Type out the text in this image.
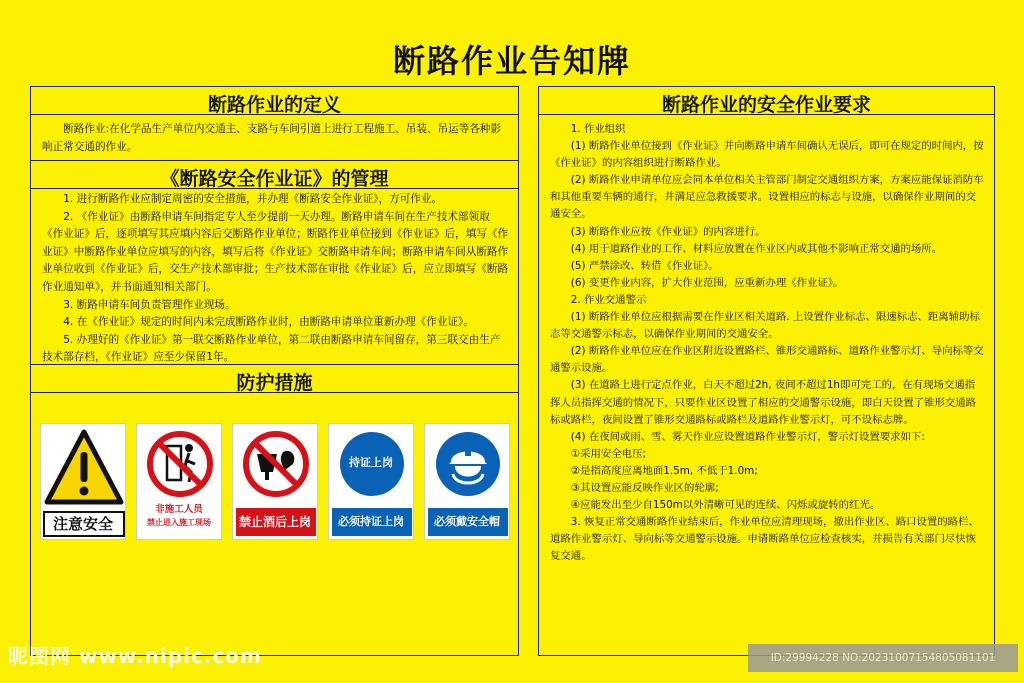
断路作业告知牌
断路作业的定义

断路作业:在化学品生产单位内交通主、支路与车间引道上进行工程施工、吊装、吊运等各种影响正常交通的作业。

《断路安全作业证》的管理

1. 进行断路作业应制定周密的安全措施，并办理《断路安全作业证》，方可作业。

2. 《作业证》由断路申请车间指定专人至少提前一天办理。断路申请车间在生产技术部领取《作业证》后，逐项填写其应填内容后交断路作业单位；断路作业单位接到《作业证》后，填写《作业证》中断路作业单位应填写的内容，填写后将《作业证》交断路申请车间；断路申请车间从断路作业单位收到《作业证》后，交生产技术部审批；生产技术部在审批《作业证》后，应立即填写《断路作业通知单》，并书面通知相关部门。

3. 断路申请车间负责管理作业现场。

4. 在《作业证》规定的时间内未完成断路作业时，由断路申请单位重新办理《作业证》。

5. 办理好的《作业证》第一联交断路作业单位，第二联由断路申请车间留存，第三联交由生产技术部存档，《作业证》应至少保留1年。

防护措施
注意安全
非施工人员
禁止进入施工现场	禁止酒后上岗
持证上岗
必须持证上岗	必须戴安全帽
断路作业的安全作业要求

1. 作业组织

(1) 断路作业单位接到《作业证》并向断路申请车间确认无误后，即可在规定的时间内，按《作业证》的内容组织进行断路作业。

(2) 断路作业申请单位应会同本单位相关主管部门制定交通组织方案，方案应能保证消防车和其他重要车辆的通行，并满足应急救援要求。设置相应的标志与设施，以确保作业期间的交通安全。

(3) 断路作业应按《作业证》的内容进行。

(4) 用于道路作业的工作、材料应放置在作业区内或其他不影响正常交通的场所。

(5) 严禁涂改、转借《作业证》。

(6) 变更作业内容，扩大作业范围，应重新办理《作业证》。

2. 作业交通警示

(1) 断路作业单位应根据需要在作业区相关道路. 上设置作业标志、限速标志、距离辅助标志等交通警示标志，以确保作业期间的交通安全。

(2) 断路作业单位应在作业区附近设置路栏、锥形交通路标、道路作业警示灯、导向标等交通警示设施。

(3) 在道路上进行定点作业，白天不超过2h, 夜间不超过1h即可完工的，在有现场交通指挥人员指挥交通的情况下，只要作业区设置了相应的交通警示设施，即白天设置了锥形交通路标或路栏，夜间设置了锥形交通路标或路栏及道路作业警示灯，可不设标志牌。

(4) 在夜间或雨、雪、雾天作业应设置道路作业警示灯，警示灯设置要求如下:

①采用安全电压;

②是指高度应离地面1.5m, 不低于1.0m;

③其设置应能反映作业区的轮廓;

④应能发出至少自150m以外清晰可见的连续、闪烁或旋转的红光。

3. 恢复正常交通断路作业结束后，作业单位应清理现场，撤出作业区、路口设置的路栏、道路作业警示灯、导向标等交通警示设施。申请断路单位应检查核实，并损告有关部门尽快恢复交通。

昵图网 www.nipic.com	ID:29994228 NO:20231007154805081101
